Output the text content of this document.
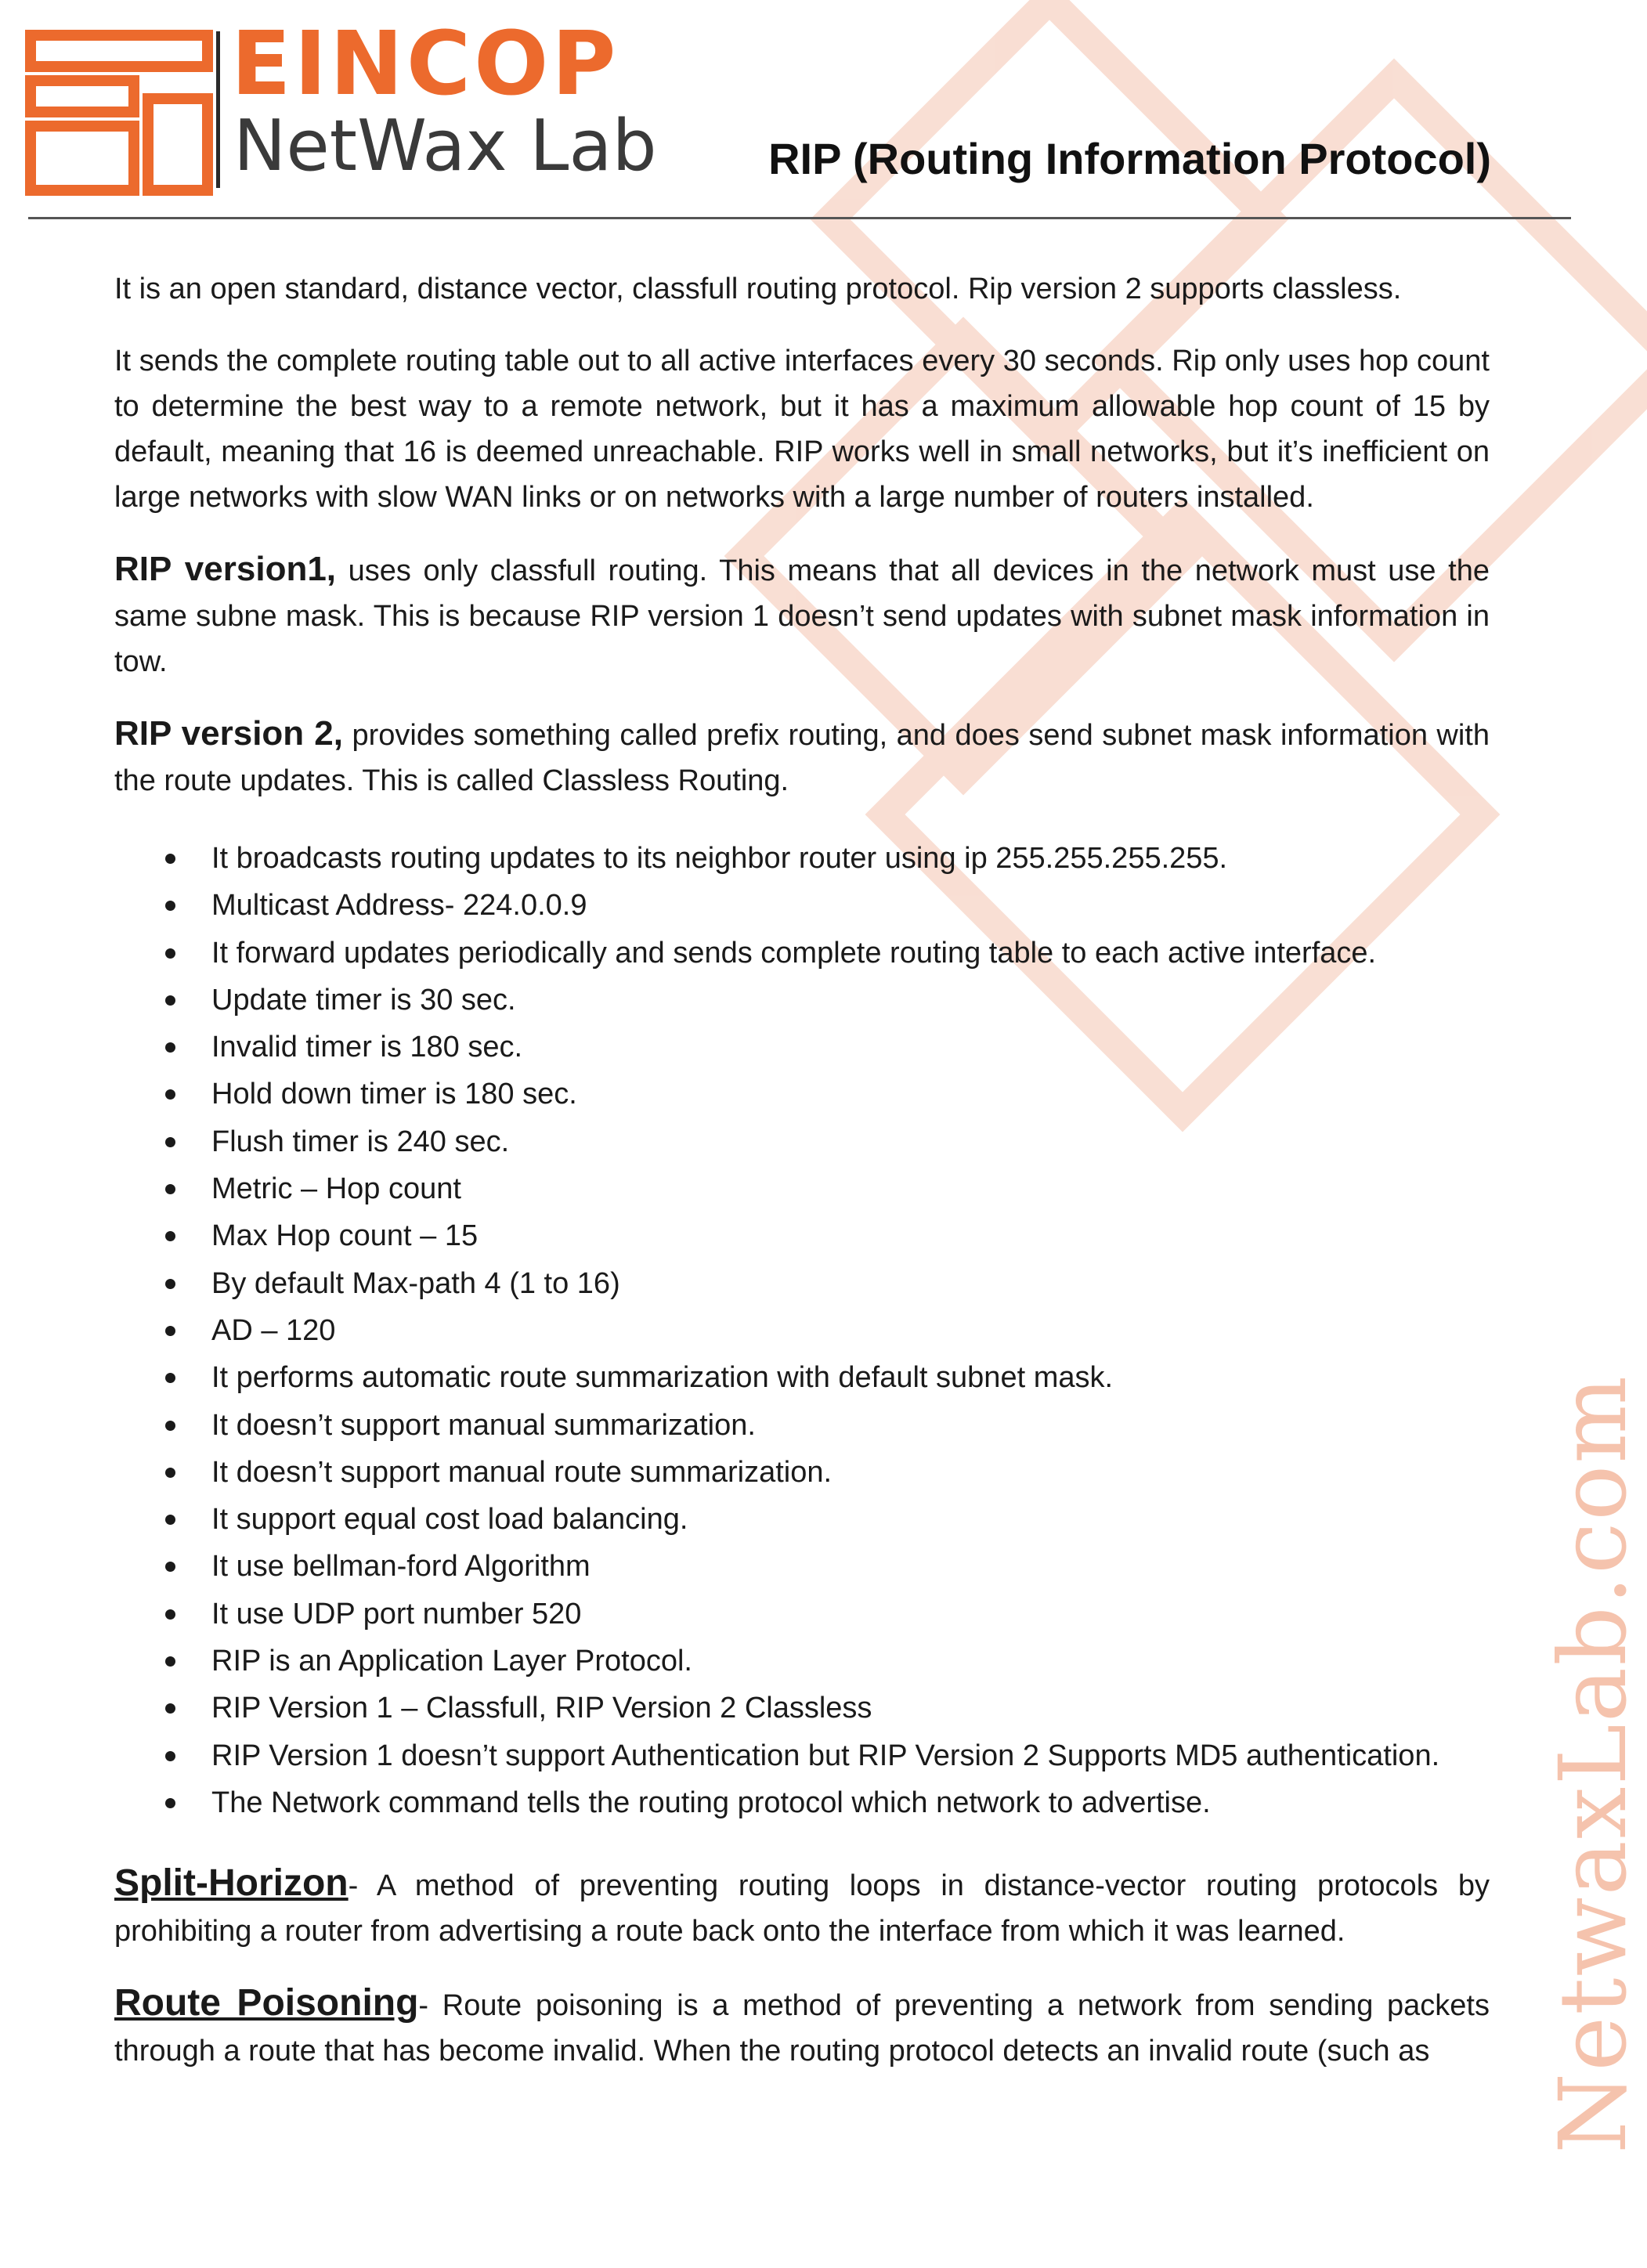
EINCOP
NetWax Lab	RIP (Routing Information Protocol)

It is an open standard, distance vector, classfull routing protocol. Rip version 2 supports classless.

It sends the complete routing table out to all active interfaces every 30 seconds. Rip only uses hop count to determine the best way to a remote network, but it has a maximum allowable hop count of 15 by default, meaning that 16 is deemed unreachable. RIP works well in small networks, but it’s inefficient on large networks with slow WAN links or on networks with a large number of routers installed.

RIP version1, uses only classfull routing. This means that all devices in the network must use the same subne mask. This is because RIP version 1 doesn’t send updates with subnet mask information in tow.

RIP version 2, provides something called prefix routing, and does send subnet mask information with the route updates. This is called Classless Routing.

It broadcasts routing updates to its neighbor router using ip 255.255.255.255.
Multicast Address- 224.0.0.9
It forward updates periodically and sends complete routing table to each active interface.
Update timer is 30 sec.
Invalid timer is 180 sec.
Hold down timer is 180 sec.
Flush timer is 240 sec.
Metric – Hop count
Max Hop count – 15
By default Max-path 4 (1 to 16)
AD – 120
It performs automatic route summarization with default subnet mask.
It doesn’t support manual summarization.
It doesn’t support manual route summarization.
It support equal cost load balancing.
It use bellman-ford Algorithm
It use UDP port number 520
RIP is an Application Layer Protocol.
RIP Version 1 – Classfull, RIP Version 2 Classless
RIP Version 1 doesn’t support Authentication but RIP Version 2 Supports MD5 authentication.
The Network command tells the routing protocol which network to advertise.

Split-Horizon- A method of preventing routing loops in distance-vector routing protocols by prohibiting a router from advertising a route back onto the interface from which it was learned.

Route Poisoning- Route poisoning is a method of preventing a network from sending packets through a route that has become invalid. When the routing protocol detects an invalid route (such as	NetwaxLab.com
